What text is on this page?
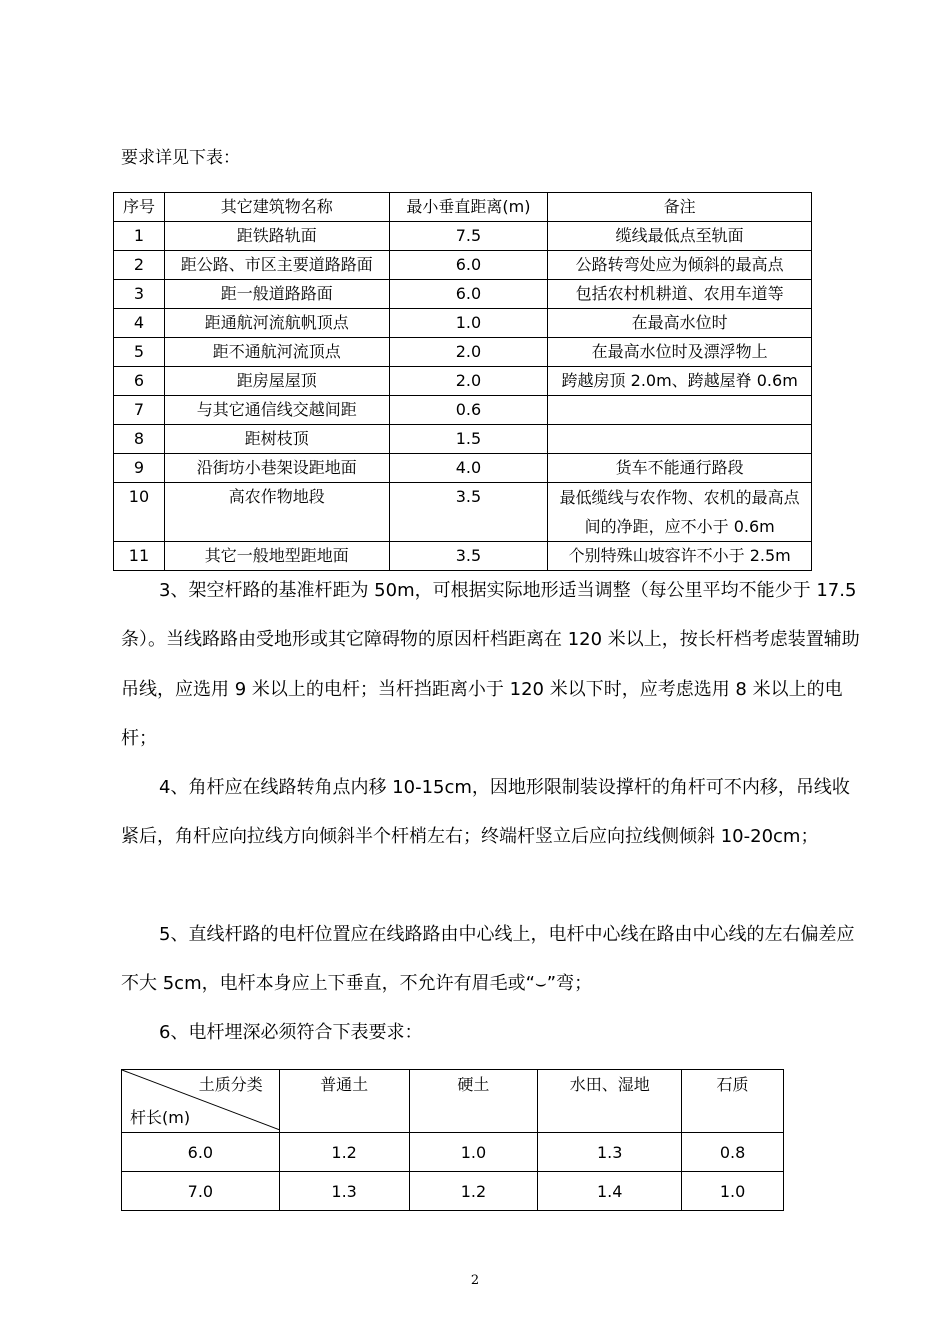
要求详见下表：
序号	其它建筑物名称	最小垂直距离(m)	备注
1	距铁路轨面	7.5	缆线最低点至轨面
2	距公路、市区主要道路路面	6.0	公路转弯处应为倾斜的最高点
3	距一般道路路面	6.0	包括农村机耕道、农用车道等
4	距通航河流航帆顶点	1.0	在最高水位时
5	距不通航河流顶点	2.0	在最高水位时及漂浮物上
6	距房屋屋顶	2.0	跨越房顶 2.0m、跨越屋脊 0.6m
7	与其它通信线交越间距	0.6	
8	距树枝顶	1.5	
9	沿街坊小巷架设距地面	4.0	货车不能通行路段
10	高农作物地段	3.5	最低缆线与农作物、农机的最高点
间的净距，应不小于 0.6m

11	其它一般地型距地面	3.5	个别特殊山坡容许不小于 2.5m
3、架空杆路的基准杆距为 50m，可根据实际地形适当调整（每公里平均不能少于 17.5 条）。当线路路由受地形或其它障碍物的原因杆档距离在 120 米以上，按长杆档考虑装置辅助吊线，应选用 9 米以上的电杆；当杆挡距离小于 120 米以下时，应考虑选用 8 米以上的电杆；
4、角杆应在线路转角点内移 10-15cm，因地形限制装设撑杆的角杆可不内移，吊线收紧后，角杆应向拉线方向倾斜半个杆梢左右；终端杆竖立后应向拉线侧倾斜 10-20cm；
5、直线杆路的电杆位置应在线路路由中心线上，电杆中心线在路由中心线的左右偏差应不大 5cm，电杆本身应上下垂直，不允许有眉毛或“⌣”弯；
6、电杆埋深必须符合下表要求：
土质分类
杆长(m)	普通土	硬土	水田、湿地	石质
6.0	1.2	1.0	1.3	0.8
7.0	1.3	1.2	1.4	1.0
2
